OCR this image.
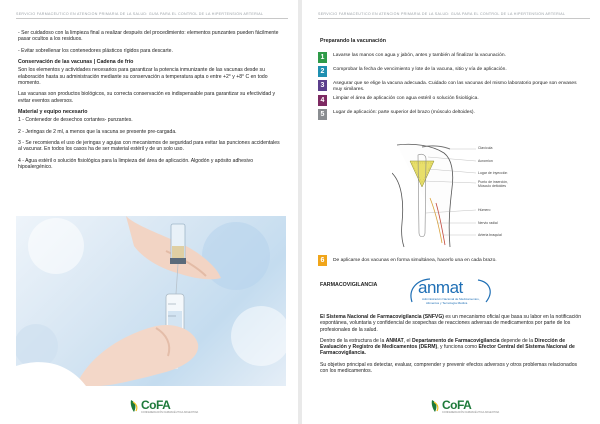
SERVICIO FARMACÉUTICO EN ATENCIÓN PRIMARIA DE LA SALUD: GUÍA PARA EL CONTROL DE LA HIPERTENSIÓN ARTERIAL
- Ser cuidadoso con la limpieza final a realizar después del procedimiento: elementos punzantes pueden fácilmente pasar ocultos a los residuos.
- Evitar sobrellenar los contenedores plásticos rígidos para descarte.
Conservación de las vacunas | Cadena de frío
Son los elementos y actividades necesarios para garantizar la potencia inmunizante de las vacunas desde su elaboración hasta su administración mediante su conservación a temperatura apta o entre +2° y +8° C en todo momento.
Las vacunas son productos biológicos, su correcta conservación es indispensable para garantizar su efectividad y evitar eventos adversos.
Material y equipo necesario
1 - Contenedor de desechos cortantes- punzantes.
2 - Jeringas de 2 ml, a menos que la vacuna se presente pre-cargada.
3 - Se recomienda el uso de jeringas y agujas con mecanismos de seguridad para evitar las punciones accidentales al vacunar. En todos los casos ha de ser material estéril y de un solo uso.
4 - Agua estéril o solución fisiológica para la limpieza del área de aplicación. Algodón y apósito adhesivo hipoalergénico.
CoFA
CONFEDERACIÓN FARMACÉUTICA ARGENTINA
SERVICIO FARMACÉUTICO EN ATENCIÓN PRIMARIA DE LA SALUD: GUÍA PARA EL CONTROL DE LA HIPERTENSIÓN ARTERIAL
Preparando la vacunación
1	Lavarse las manos con agua y jabón, antes y también al finalizar la vacunación.
2	Comprobar la fecha de vencimiento y lote de la vacuna, sitio y vía de aplicación.
3	Asegurar que se elige la vacuna adecuada. Cuidado con las vacunas del mismo laboratorio porque son envases muy similares.
4	Limpiar el área de aplicación con agua estéril o solución fisiológica.
5	Lugar de aplicación: parte superior del brazo (músculo deltoides).
Clavícula
Acromion
Lugar de inyección
Punto de inserción,
Músculo deltoides
Húmero
Nervio radial
Arteria braquial
6	De aplicarse dos vacunas en forma simultánea, hacerlo una en cada brazo.
FARMACOVIGILANCIA anmat
Administración Nacional de Medicamentos,
Alimentos y Tecnología Médica
El Sistema Nacional de Farmacovigilancia (SNFVG) es un mecanismo oficial que basa su labor en la notificación espontánea, voluntaria y confidencial de sospechas de reacciones adversas de medicamentos por parte de los profesionales de la salud.
Dentro de la estructura de la ANMAT, el Departamento de Farmacovigilancia depende de la Dirección de Evaluación y Registro de Medicamentos (DERM), y funciona como Efector Central del Sistema Nacional de Farmacovigilancia.
Su objetivo principal es detectar, evaluar, comprender y prevenir efectos adversos y otros problemas relacionados con los medicamentos.
CoFA
CONFEDERACIÓN FARMACÉUTICA ARGENTINA
